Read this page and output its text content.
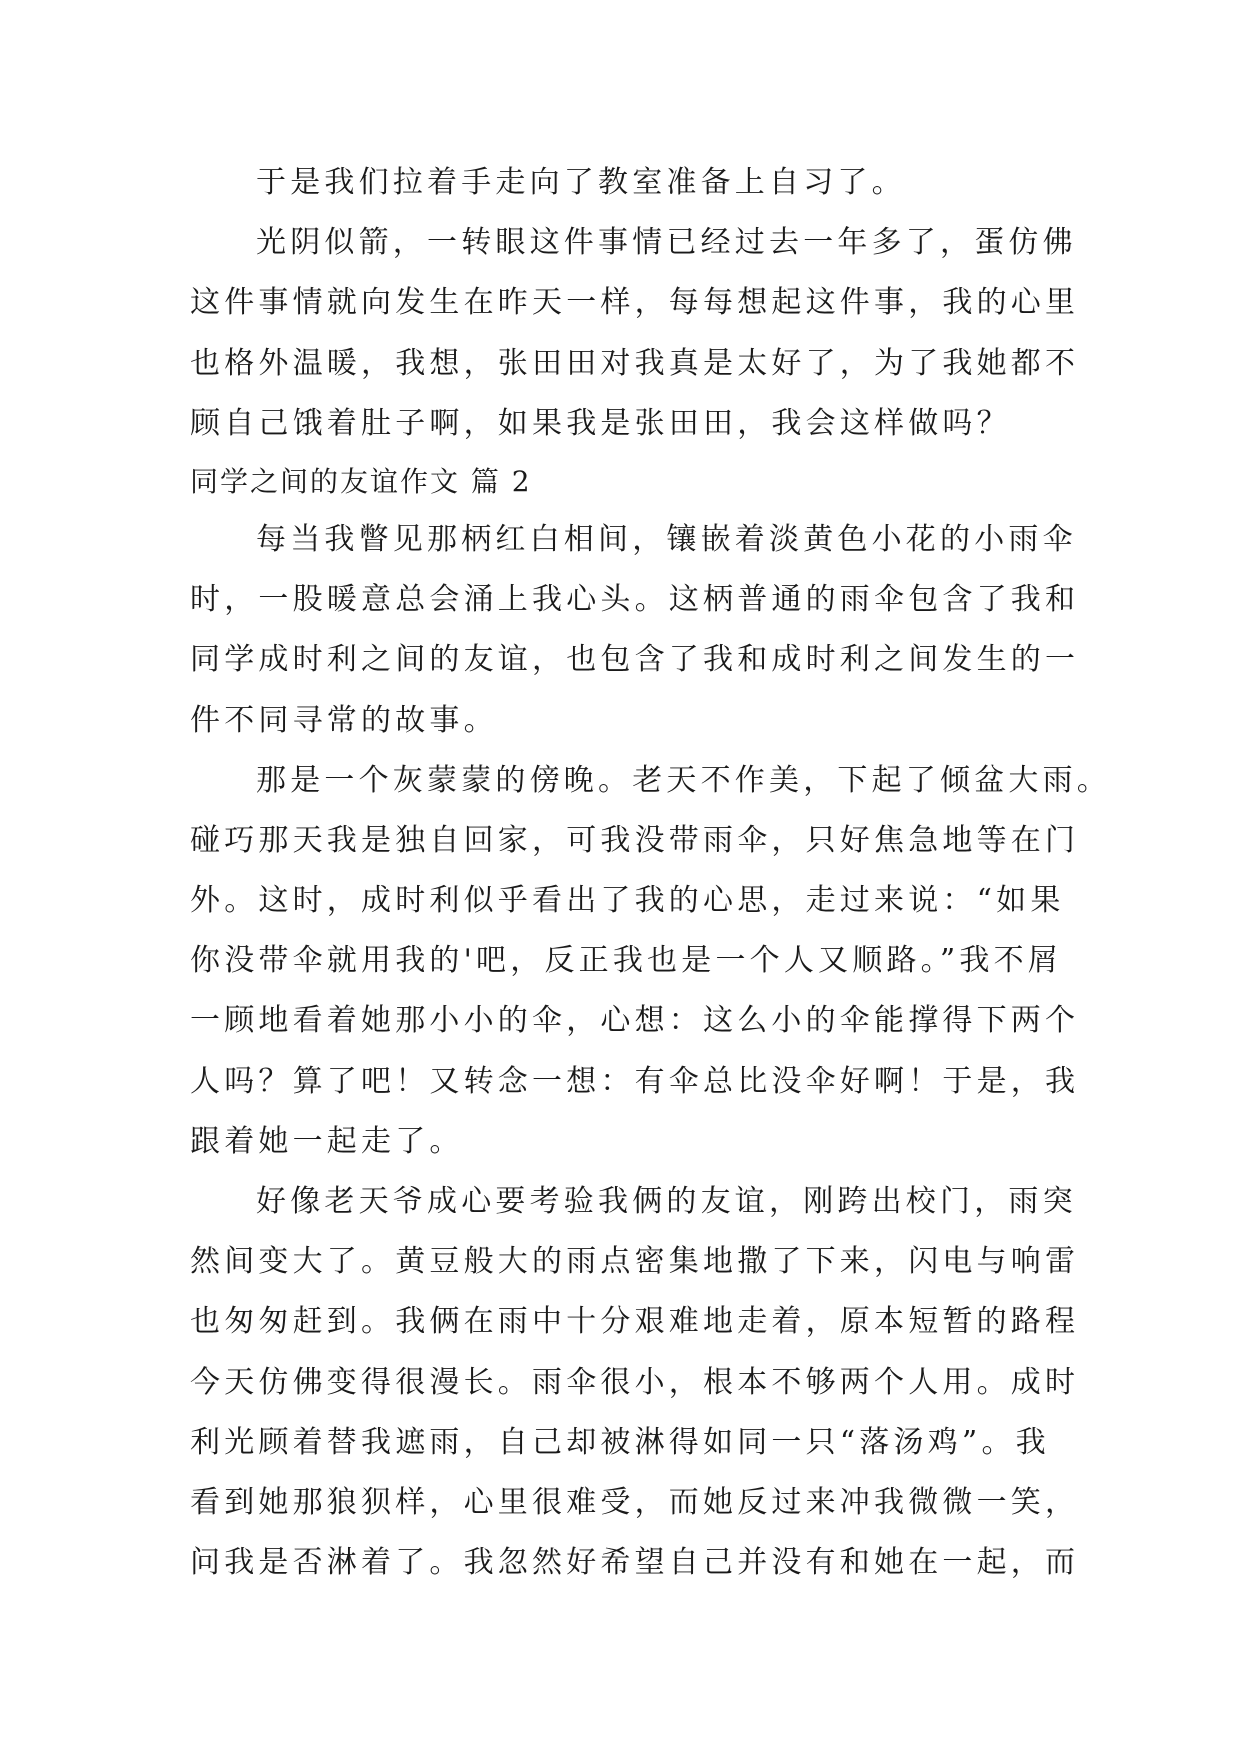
于是我们拉着手走向了教室准备上自习了。
光阴似箭，一转眼这件事情已经过去一年多了，蛋仿佛
这件事情就向发生在昨天一样，每每想起这件事，我的心里
也格外温暖，我想，张田田对我真是太好了，为了我她都不
顾自己饿着肚子啊，如果我是张田田，我会这样做吗？
同学之间的友谊作文 篇 2
每当我瞥见那柄红白相间，镶嵌着淡黄色小花的小雨伞
时，一股暖意总会涌上我心头。这柄普通的雨伞包含了我和
同学成时利之间的友谊，也包含了我和成时利之间发生的一
件不同寻常的故事。
那是一个灰蒙蒙的傍晚。老天不作美，下起了倾盆大雨。
碰巧那天我是独自回家，可我没带雨伞，只好焦急地等在门
外。这时，成时利似乎看出了我的心思，走过来说：“如果
你没带伞就用我的'吧，反正我也是一个人又顺路。”我不屑
一顾地看着她那小小的伞，心想：这么小的伞能撑得下两个
人吗？算了吧！又转念一想：有伞总比没伞好啊！于是，我
跟着她一起走了。
好像老天爷成心要考验我俩的友谊，刚跨出校门，雨突
然间变大了。黄豆般大的雨点密集地撒了下来，闪电与响雷
也匆匆赶到。我俩在雨中十分艰难地走着，原本短暂的路程
今天仿佛变得很漫长。雨伞很小，根本不够两个人用。成时
利光顾着替我遮雨，自己却被淋得如同一只“落汤鸡”。我
看到她那狼狈样，心里很难受，而她反过来冲我微微一笑，
问我是否淋着了。我忽然好希望自己并没有和她在一起，而
